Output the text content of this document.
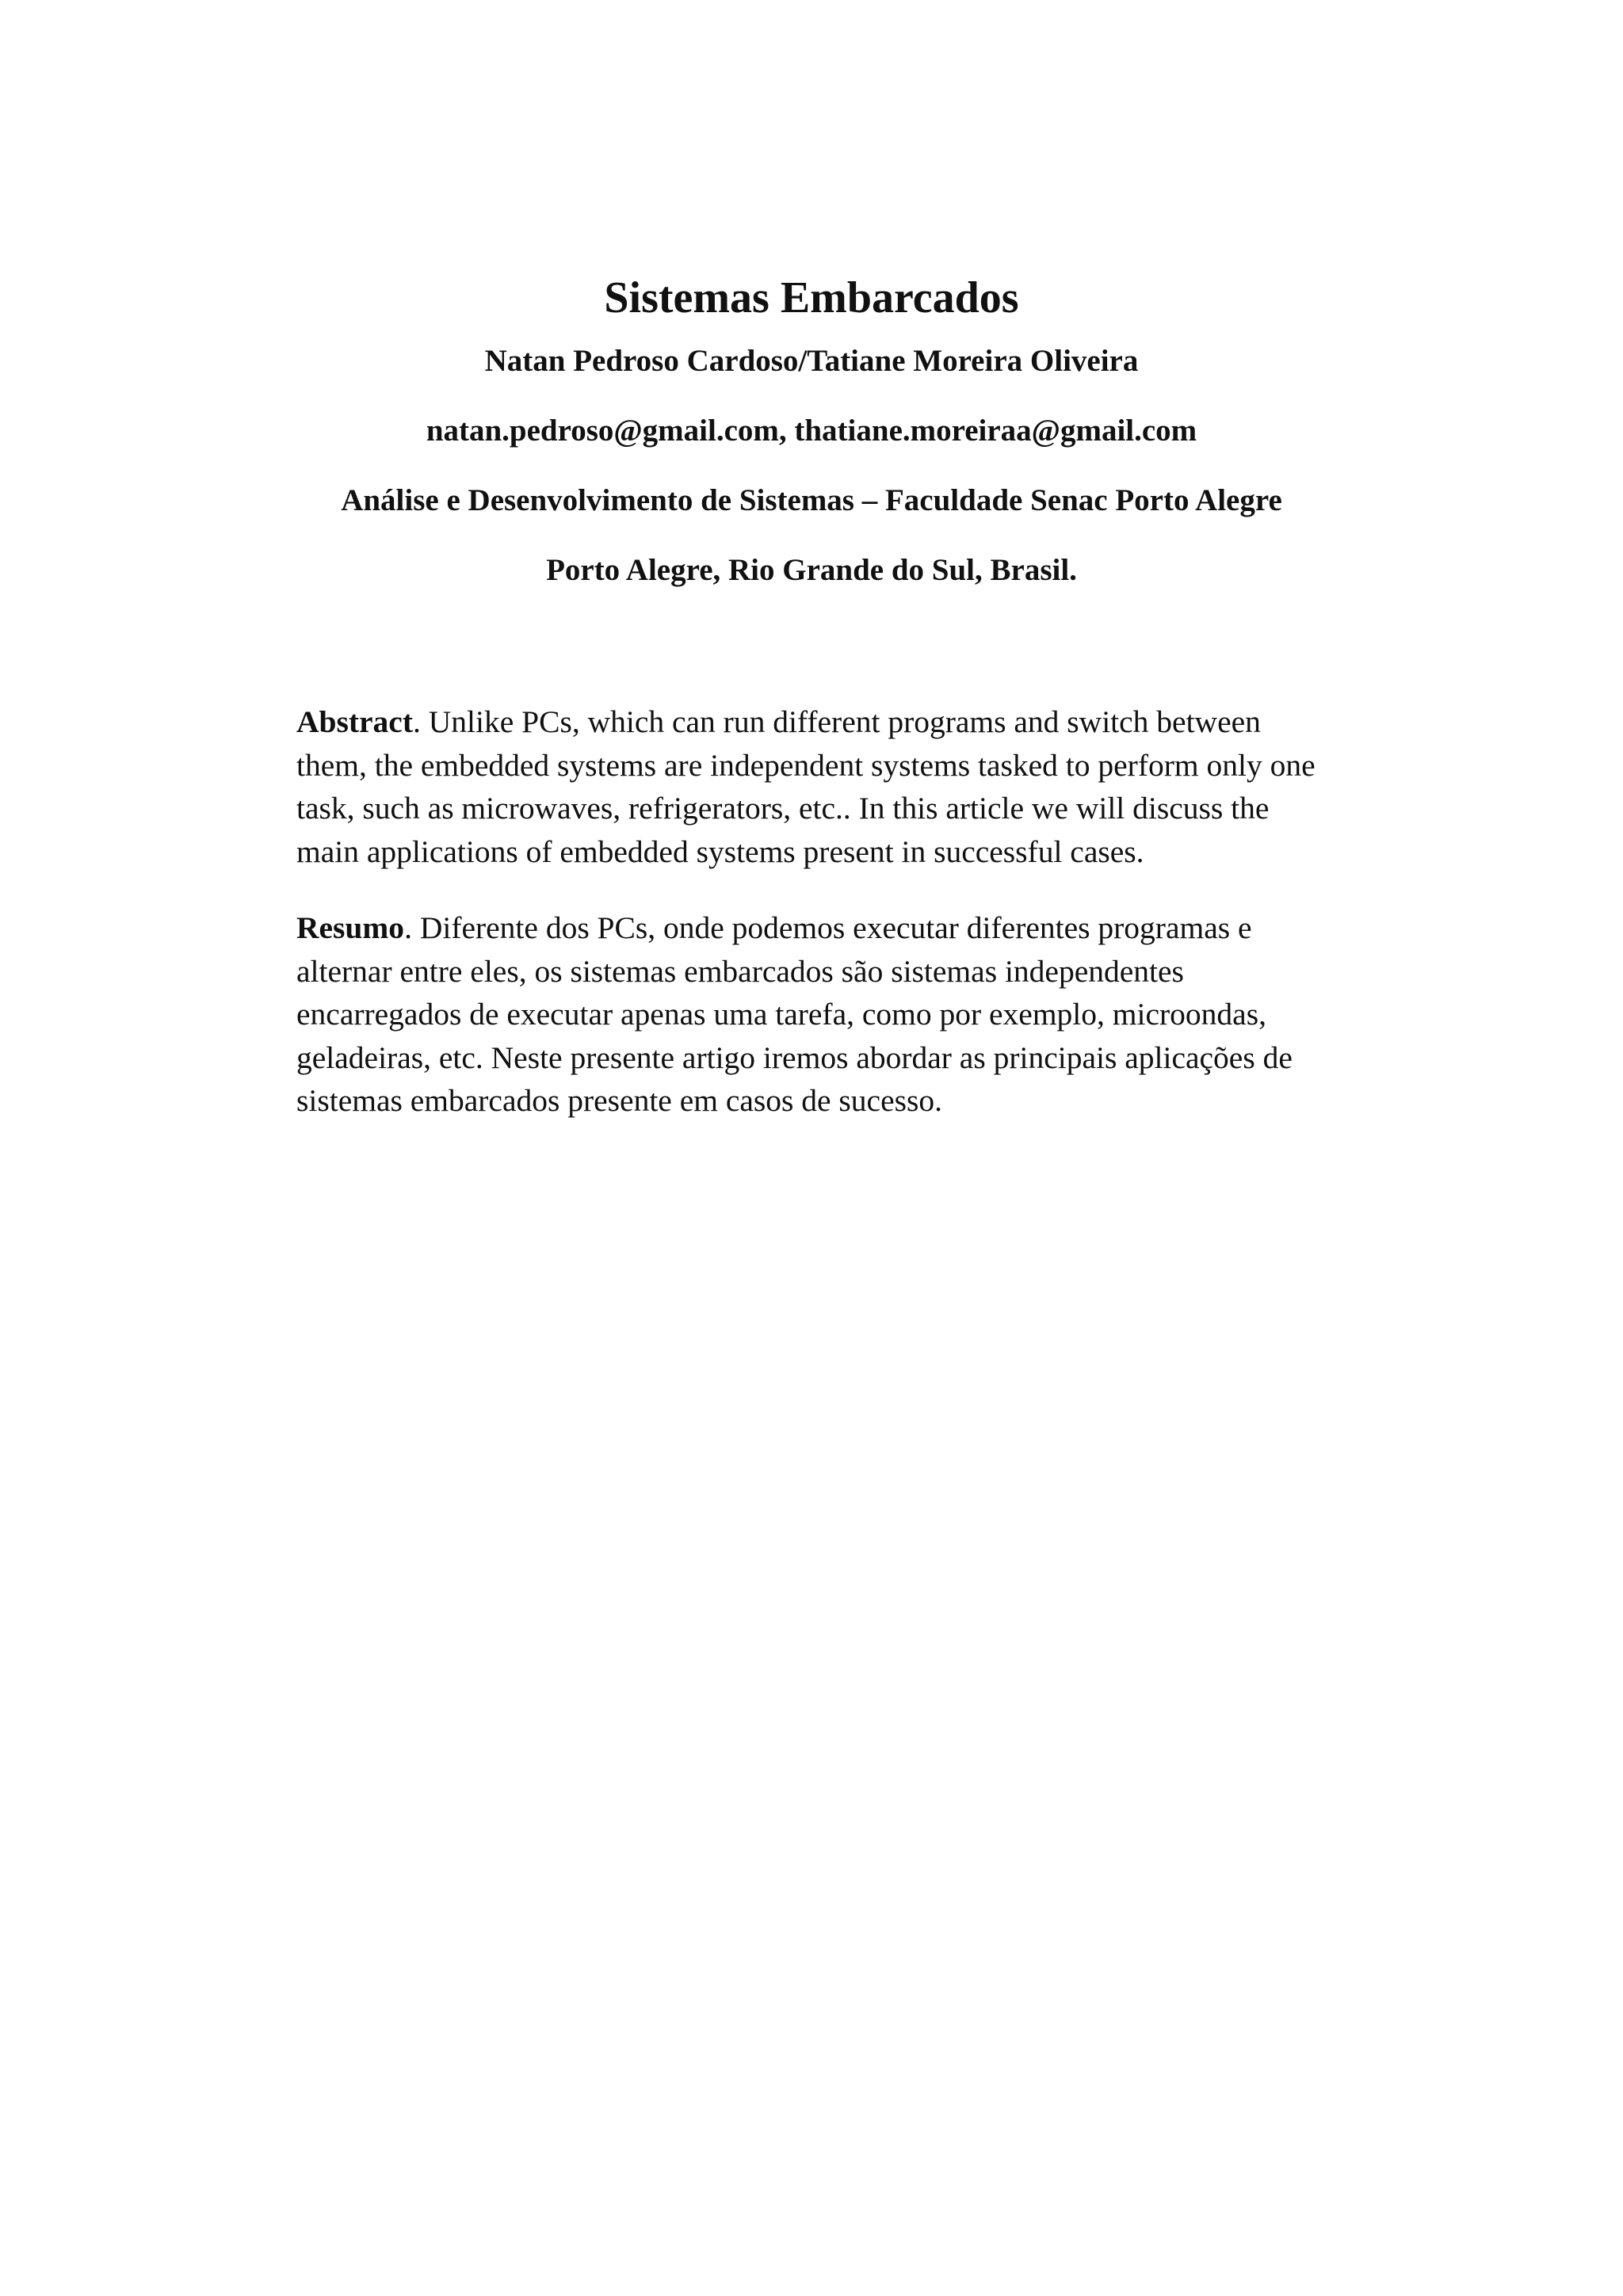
Sistemas Embarcados

Natan Pedroso Cardoso/Tatiane Moreira Oliveira

natan.pedroso@gmail.com, thatiane.moreiraa@gmail.com

Análise e Desenvolvimento de Sistemas – Faculdade Senac Porto Alegre

Porto Alegre, Rio Grande do Sul, Brasil.

Abstract. Unlike PCs, which can run different programs and switch between them, the embedded systems are independent systems tasked to perform only one task, such as microwaves, refrigerators, etc.. In this article we will discuss the main applications of embedded systems present in successful cases.

Resumo. Diferente dos PCs, onde podemos executar diferentes programas e alternar entre eles, os sistemas embarcados são sistemas independentes encarregados de executar apenas uma tarefa, como por exemplo, microondas, geladeiras, etc. Neste presente artigo iremos abordar as principais aplicações de sistemas embarcados presente em casos de sucesso.
